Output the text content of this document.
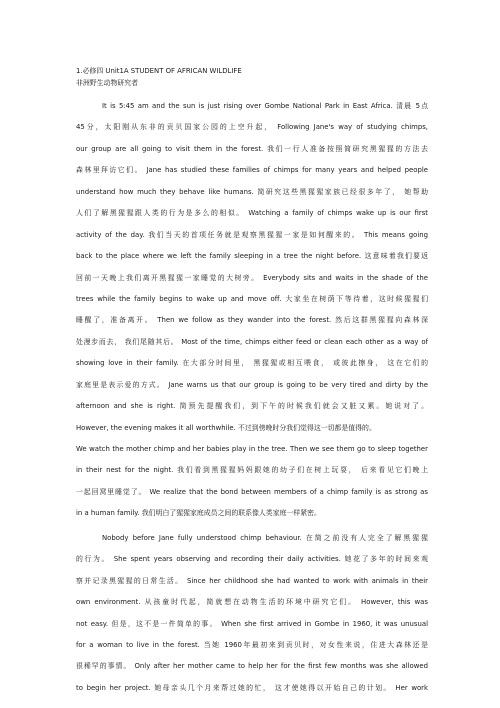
1.必修四 Unit1A STUDENT OF AFRICAN WILDLIFE
非洲野生动物研究者
It is 5:45 am and the sun is just rising over Gombe National Park in East Africa. 清晨 5点
45分，太阳刚从东非的贡贝国家公园的上空升起， Following Jane's way of studying chimps,
our group are all going to visit them in the forest. 我们一行人准备按照简研究黑猩猩的方法去
森林里拜访它们。 Jane has studied these families of chimps for many years and helped people
understand how much they behave like humans. 简研究这些黑猩猩家族已经很多年了， 她帮助
人们了解黑猩猩跟人类的行为是多么的相似。 Watching a family of chimps wake up is our first
activity of the day. 我们当天的首项任务就是观察黑猩猩一家是如何醒来的。 This means going
back to the place where we left the family sleeping in a tree the night before. 这意味着我们要返
回前一天晚上我们离开黑猩猩一家睡觉的大树旁。 Everybody sits and waits in the shade of the
trees while the family begins to wake up and move off. 大家坐在树荫下等待着，这时候猩猩们
睡醒了，准备离开。 Then we follow as they wander into the forest. 然后这群黑猩猩向森林深
处漫步而去， 我们尾随其后。 Most of the time, chimps either feed or clean each other as a way of
showing love in their family. 在大部分时间里， 黑猩猩或相互喂食， 或彼此擦身， 这在它们的
家庭里是表示爱的方式。 Jane warns us that our group is going to be very tired and dirty by the
afternoon and she is right. 简预先提醒我们，到下午的时候我们就会又脏又累。她说对了。
However, the evening makes it all worthwhile. 不过到傍晚时分我们觉得这一切都是值得的。
We watch the mother chimp and her babies play in the tree. Then we see them go to sleep together
in their nest for the night. 我们看到黑猩猩妈妈跟她的幼子们在树上玩耍， 后来看见它们晚上
一起回窝里睡觉了。 We realize that the bond between members of a chimp family is as strong as
in a human family. 我们明白了猩猩家庭成员之间的联系像人类家庭一样紧密。
Nobody before Jane fully understood chimp behaviour. 在简之前没有人完全了解黑猩猩
的行为。 She spent years observing and recording their daily activities. 她花了多年的时间来观
察并记录黑猩猩的日常生活。 Since her childhood she had wanted to work with animals in their
own environment. 从孩童时代起，简就想在动物生活的环境中研究它们。 However, this was
not easy. 但是，这不是一件简单的事。 When she first arrived in Gombe in 1960, it was unusual
for a woman to live in the forest. 当她 1960年最初来到贡贝时，对女性来说，住进大森林还是
很稀罕的事情。 Only after her mother came to help her for the first few months was she allowed
to begin her project. 她母亲头几个月来帮过她的忙， 这才使她得以开始自己的计划。 Her work
